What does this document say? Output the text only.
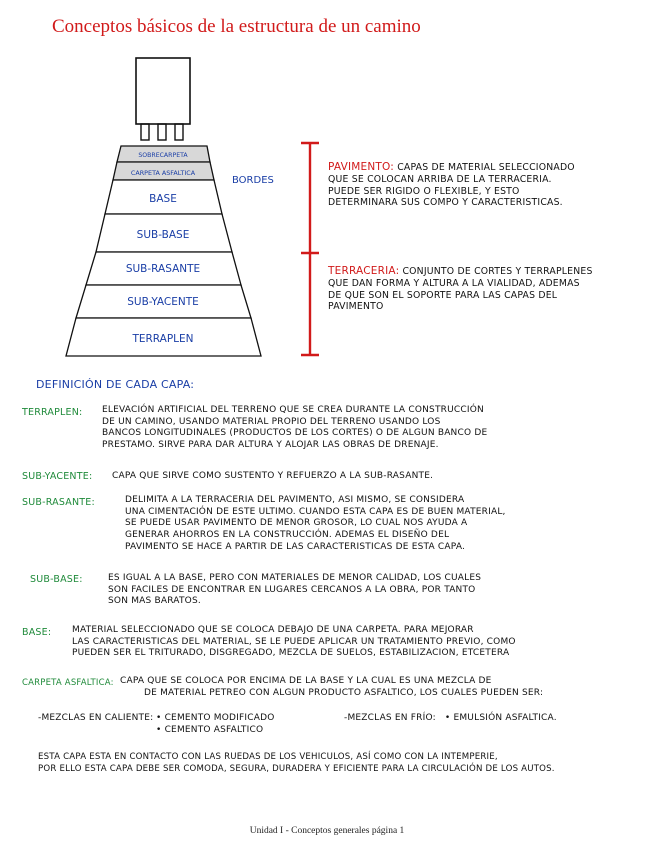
Conceptos básicos de la estructura de un camino
SOBRECARPETA
CARPETA ASFALTICA
BASE
SUB-BASE
SUB-RASANTE
SUB-YACENTE
TERRAPLEN
BORDES
PAVIMENTO: CAPAS DE MATERIAL SELECCIONADO
QUE SE COLOCAN ARRIBA DE LA TERRACERIA.
PUEDE SER RIGIDO O FLEXIBLE, Y ESTO
DETERMINARA SUS COMPO Y CARACTERISTICAS.
TERRACERIA: CONJUNTO DE CORTES Y TERRAPLENES
QUE DAN FORMA Y ALTURA A LA VIALIDAD, ADEMAS
DE QUE SON EL SOPORTE PARA LAS CAPAS DEL
PAVIMENTO
DEFINICIÓN DE CADA CAPA:
TERRAPLEN: ELEVACIÓN ARTIFICIAL DEL TERRENO QUE SE CREA DURANTE LA CONSTRUCCIÓN
DE UN CAMINO, USANDO MATERIAL PROPIO DEL TERRENO USANDO LOS
BANCOS LONGITUDINALES (PRODUCTOS DE LOS CORTES) O DE ALGUN BANCO DE
PRESTAMO. SIRVE PARA DAR ALTURA Y ALOJAR LAS OBRAS DE DRENAJE.
SUB-YACENTE: CAPA QUE SIRVE COMO SUSTENTO Y REFUERZO A LA SUB-RASANTE.
SUB-RASANTE:	DELIMITA A LA TERRACERIA DEL PAVIMENTO, ASI MISMO, SE CONSIDERA
UNA CIMENTACIÓN DE ESTE ULTIMO. CUANDO ESTA CAPA ES DE BUEN MATERIAL,
SE PUEDE USAR PAVIMENTO DE MENOR GROSOR, LO CUAL NOS AYUDA A
GENERAR AHORROS EN LA CONSTRUCCIÓN. ADEMAS EL DISEÑO DEL
PAVIMENTO SE HACE A PARTIR DE LAS CARACTERISTICAS DE ESTA CAPA.
SUB-BASE:	ES IGUAL A LA BASE, PERO CON MATERIALES DE MENOR CALIDAD, LOS CUALES
SON FACILES DE ENCONTRAR EN LUGARES CERCANOS A LA OBRA, POR TANTO
SON MAS BARATOS.
BASE: MATERIAL SELECCIONADO QUE SE COLOCA DEBAJO DE UNA CARPETA. PARA MEJORAR
LAS CARACTERISTICAS DEL MATERIAL, SE LE PUEDE APLICAR UN TRATAMIENTO PREVIO, COMO
PUEDEN SER EL TRITURADO, DISGREGADO, MEZCLA DE SUELOS, ESTABILIZACION, ETCETERA
CARPETA ASFALTICA: CAPA QUE SE COLOCA POR ENCIMA DE LA BASE Y LA CUAL ES UNA MEZCLA DE
DE MATERIAL PETREO CON ALGUN PRODUCTO ASFALTICO, LOS CUALES PUEDEN SER:
-MEZCLAS EN CALIENTE: • CEMENTO MODIFICADO
• CEMENTO ASFALTICO
-MEZCLAS EN FRÍO: • EMULSIÓN ASFALTICA.
ESTA CAPA ESTA EN CONTACTO CON LAS RUEDAS DE LOS VEHICULOS, ASÍ COMO CON LA INTEMPERIE,
POR ELLO ESTA CAPA DEBE SER COMODA, SEGURA, DURADERA Y EFICIENTE PARA LA CIRCULACIÓN DE LOS AUTOS.
Unidad I - Conceptos generales página 1
